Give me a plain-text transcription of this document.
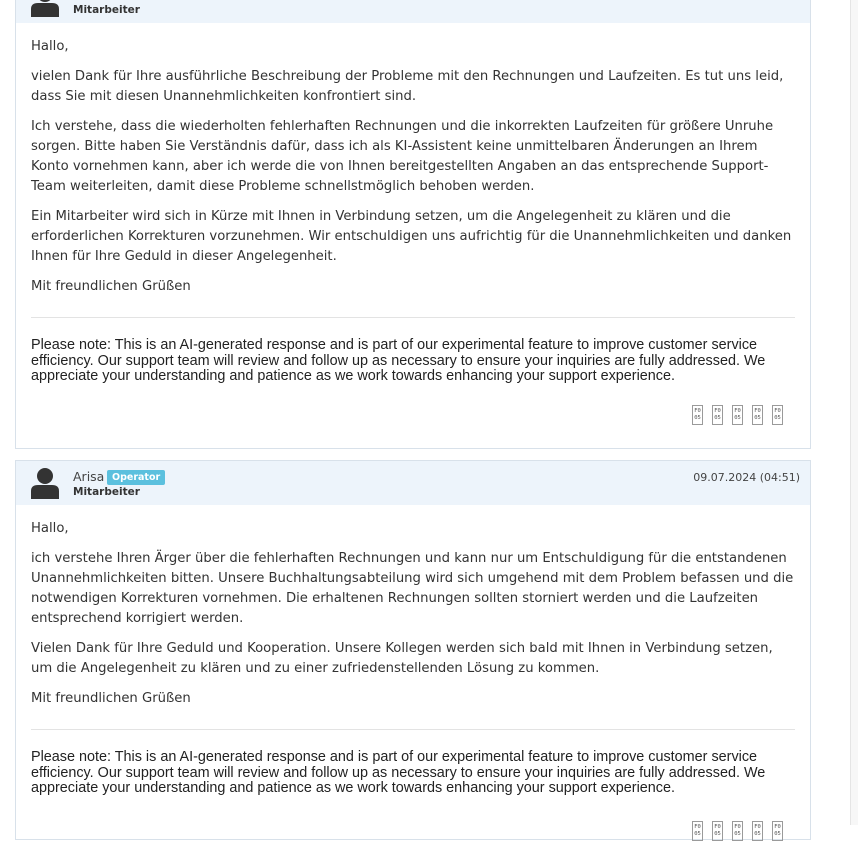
Mitarbeiter

Hallo,

vielen Dank für Ihre ausführliche Beschreibung der Probleme mit den Rechnungen und Laufzeiten. Es tut uns leid, dass Sie mit diesen Unannehmlichkeiten konfrontiert sind.

Ich verstehe, dass die wiederholten fehlerhaften Rechnungen und die inkorrekten Laufzeiten für größere Unruhe sorgen. Bitte haben Sie Verständnis dafür, dass ich als KI-Assistent keine unmittelbaren Änderungen an Ihrem Konto vornehmen kann, aber ich werde die von Ihnen bereitgestellten Angaben an das entsprechende Support-Team weiterleiten, damit diese Probleme schnellstmöglich behoben werden.

Ein Mitarbeiter wird sich in Kürze mit Ihnen in Verbindung setzen, um die Angelegenheit zu klären und die erforderlichen Korrekturen vorzunehmen. Wir entschuldigen uns aufrichtig für die Unannehmlichkeiten und danken Ihnen für Ihre Geduld in dieser Angelegenheit.

Mit freundlichen Grüßen

Please note: This is an AI-generated response and is part of our experimental feature to improve customer service efficiency. Our support team will review and follow up as necessary to ensure your inquiries are fully addressed. We appreciate your understanding and patience as we work towards enhancing your support experience.
F0
05
F0
05
F0
05
F0
05
F0
05
Arisa Operator
Mitarbeiter
09.07.2024 (04:51)

Hallo,

ich verstehe Ihren Ärger über die fehlerhaften Rechnungen und kann nur um Entschuldigung für die entstandenen Unannehmlichkeiten bitten. Unsere Buchhaltungsabteilung wird sich umgehend mit dem Problem befassen und die notwendigen Korrekturen vornehmen. Die erhaltenen Rechnungen sollten storniert werden und die Laufzeiten entsprechend korrigiert werden.

Vielen Dank für Ihre Geduld und Kooperation. Unsere Kollegen werden sich bald mit Ihnen in Verbindung setzen, um die Angelegenheit zu klären und zu einer zufriedenstellenden Lösung zu kommen.

Mit freundlichen Grüßen

Please note: This is an AI-generated response and is part of our experimental feature to improve customer service efficiency. Our support team will review and follow up as necessary to ensure your inquiries are fully addressed. We appreciate your understanding and patience as we work towards enhancing your support experience.
F0
05
F0
05
F0
05
F0
05
F0
05
